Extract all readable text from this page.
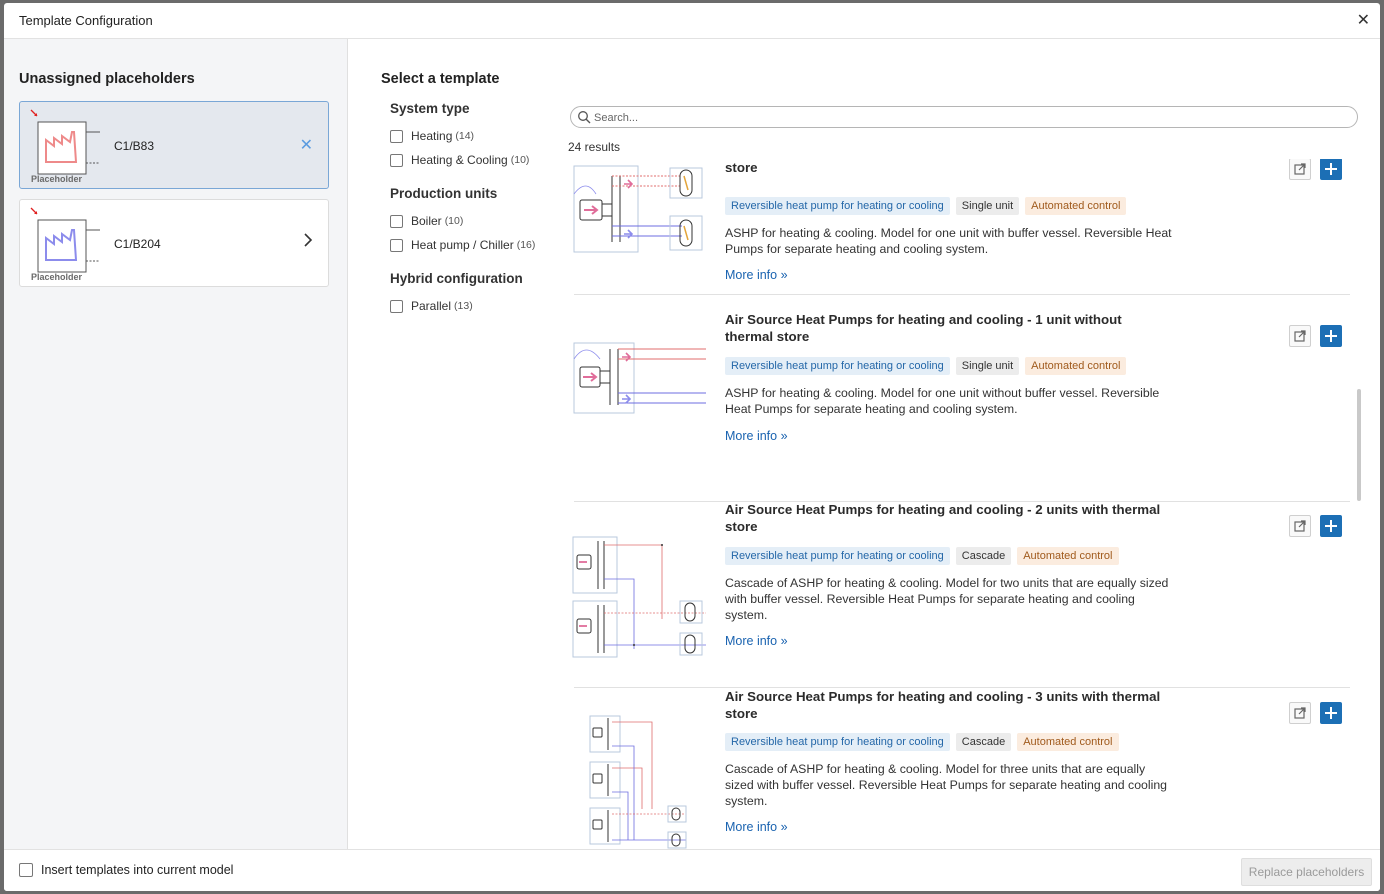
Template Configuration	✕
Unassigned placeholders
Placeholder
C1/B83	✕
Placeholder
C1/B204
Select a template
System type
Heating (14)
Heating & Cooling (10)
Production units
Boiler (10)
Heat pump / Chiller (16)
Hybrid configuration
Parallel (13)
Search...
24 results
store
Reversible heat pump for heating or cooling	Single unit	Automated control
ASHP for heating & cooling. Model for one unit with buffer vessel. Reversible Heat Pumps for separate heating and cooling system.
More info »
Air Source Heat Pumps for heating and cooling - 1 unit without thermal store
Reversible heat pump for heating or cooling	Single unit	Automated control
ASHP for heating & cooling. Model for one unit without buffer vessel. Reversible Heat Pumps for separate heating and cooling system.
More info »
Air Source Heat Pumps for heating and cooling - 2 units with thermal store
Reversible heat pump for heating or cooling	Cascade	Automated control
Cascade of ASHP for heating & cooling. Model for two units that are equally sized with buffer vessel. Reversible Heat Pumps for separate heating and cooling system.
More info »
Air Source Heat Pumps for heating and cooling - 3 units with thermal store
Reversible heat pump for heating or cooling	Cascade	Automated control
Cascade of ASHP for heating & cooling. Model for three units that are equally sized with buffer vessel. Reversible Heat Pumps for separate heating and cooling system.
More info »
Insert templates into current model	Replace placeholders
